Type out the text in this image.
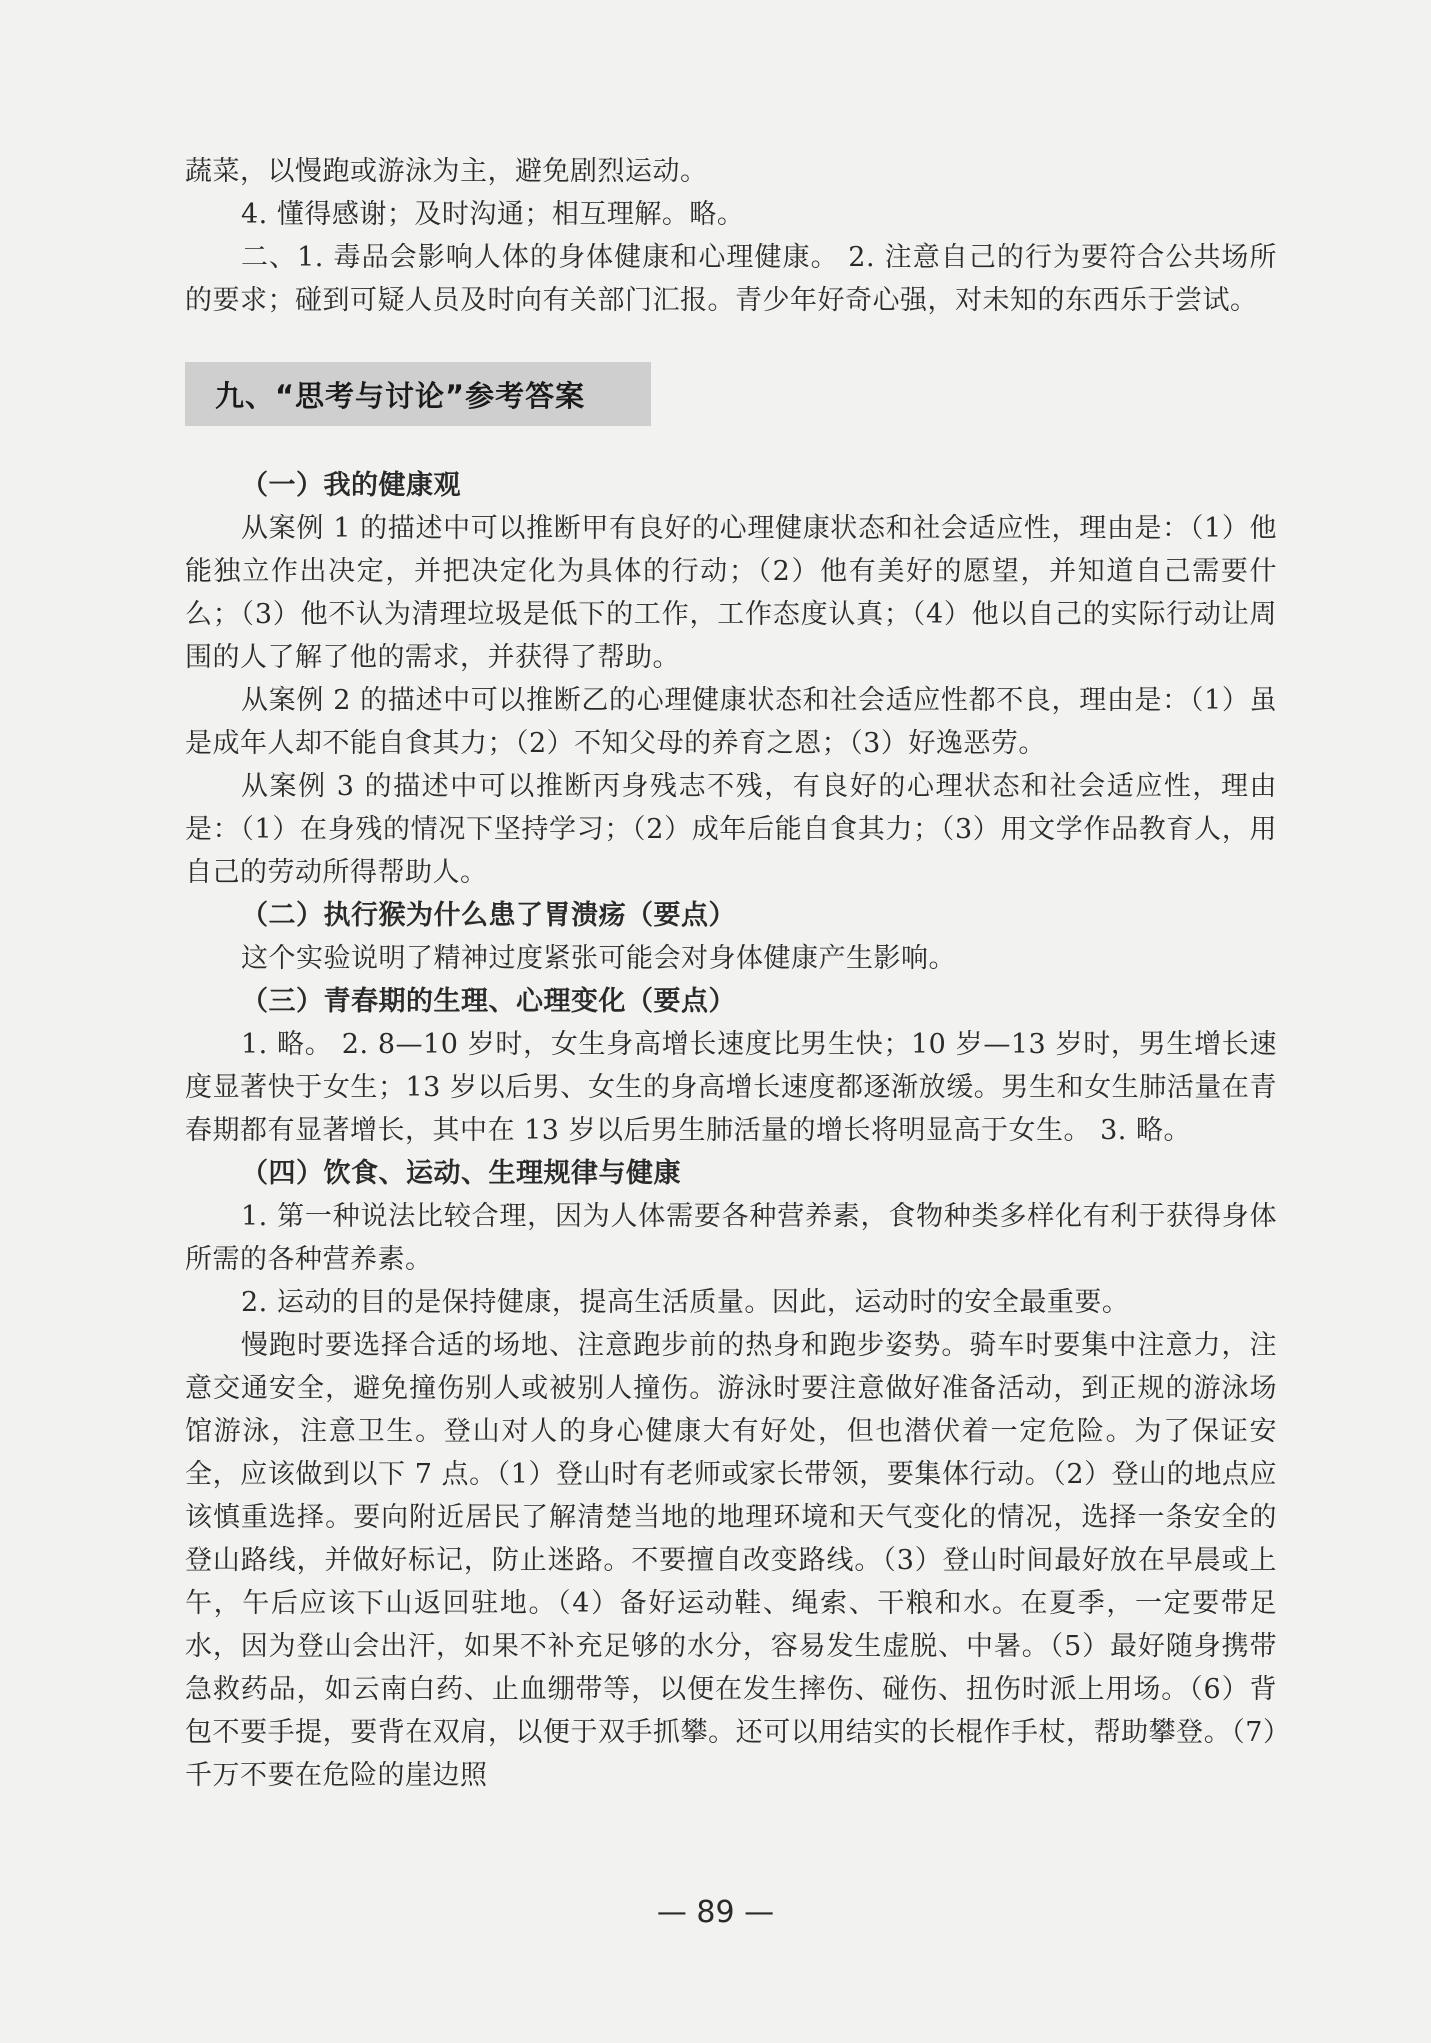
蔬菜，以慢跑或游泳为主，避免剧烈运动。

4. 懂得感谢；及时沟通；相互理解。略。

二、1. 毒品会影响人体的身体健康和心理健康。 2. 注意自己的行为要符合公共场所的要求；碰到可疑人员及时向有关部门汇报。青少年好奇心强，对未知的东西乐于尝试。

九、“思考与讨论”参考答案

（一）我的健康观

从案例 1 的描述中可以推断甲有良好的心理健康状态和社会适应性，理由是：（1）他能独立作出决定，并把决定化为具体的行动；（2）他有美好的愿望，并知道自己需要什么；（3）他不认为清理垃圾是低下的工作，工作态度认真；（4）他以自己的实际行动让周围的人了解了他的需求，并获得了帮助。

从案例 2 的描述中可以推断乙的心理健康状态和社会适应性都不良，理由是：（1）虽是成年人却不能自食其力；（2）不知父母的养育之恩；（3）好逸恶劳。

从案例 3 的描述中可以推断丙身残志不残，有良好的心理状态和社会适应性，理由是：（1）在身残的情况下坚持学习；（2）成年后能自食其力；（3）用文学作品教育人，用自己的劳动所得帮助人。

（二）执行猴为什么患了胃溃疡（要点）

这个实验说明了精神过度紧张可能会对身体健康产生影响。

（三）青春期的生理、心理变化（要点）

1. 略。 2. 8—10 岁时，女生身高增长速度比男生快；10 岁—13 岁时，男生增长速度显著快于女生；13 岁以后男、女生的身高增长速度都逐渐放缓。男生和女生肺活量在青春期都有显著增长，其中在 13 岁以后男生肺活量的增长将明显高于女生。 3. 略。

（四）饮食、运动、生理规律与健康

1. 第一种说法比较合理，因为人体需要各种营养素，食物种类多样化有利于获得身体所需的各种营养素。

2. 运动的目的是保持健康，提高生活质量。因此，运动时的安全最重要。

慢跑时要选择合适的场地、注意跑步前的热身和跑步姿势。骑车时要集中注意力，注意交通安全，避免撞伤别人或被别人撞伤。游泳时要注意做好准备活动，到正规的游泳场馆游泳，注意卫生。登山对人的身心健康大有好处，但也潜伏着一定危险。为了保证安全，应该做到以下 7 点。（1）登山时有老师或家长带领，要集体行动。（2）登山的地点应该慎重选择。要向附近居民了解清楚当地的地理环境和天气变化的情况，选择一条安全的登山路线，并做好标记，防止迷路。不要擅自改变路线。（3）登山时间最好放在早晨或上午，午后应该下山返回驻地。（4）备好运动鞋、绳索、干粮和水。在夏季，一定要带足水，因为登山会出汗，如果不补充足够的水分，容易发生虚脱、中暑。（5）最好随身携带急救药品，如云南白药、止血绷带等，以便在发生摔伤、碰伤、扭伤时派上用场。（6）背包不要手提，要背在双肩，以便于双手抓攀。还可以用结实的长棍作手杖，帮助攀登。（7）千万不要在危险的崖边照

— 89 —
